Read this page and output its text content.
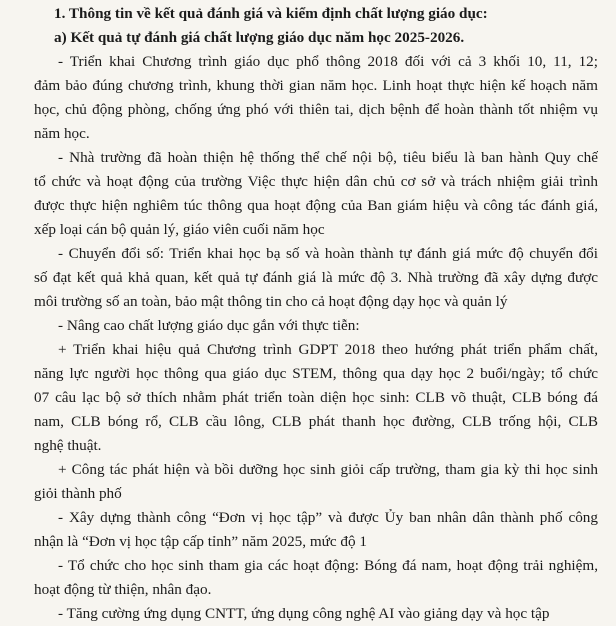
1. Thông tin về kết quả đánh giá và kiểm định chất lượng giáo dục:
a) Kết quả tự đánh giá chất lượng giáo dục năm học 2025-2026.
- Triển khai Chương trình giáo dục phổ thông 2018 đối với cả 3 khối 10, 11, 12;
đảm bảo đúng chương trình, khung thời gian năm học. Linh hoạt thực hiện kế hoạch năm
học, chủ động phòng, chống ứng phó với thiên tai, dịch bệnh để hoàn thành tốt nhiệm vụ
năm học.
- Nhà trường đã hoàn thiện hệ thống thể chế nội bộ, tiêu biểu là ban hành Quy chế
tổ chức và hoạt động của trường Việc thực hiện dân chủ cơ sở và trách nhiệm giải trình
được thực hiện nghiêm túc thông qua hoạt động của Ban giám hiệu và công tác đánh giá,
xếp loại cán bộ quản lý, giáo viên cuối năm học
- Chuyển đổi số: Triển khai học bạ số và hoàn thành tự đánh giá mức độ chuyển đổi
số đạt kết quả khả quan, kết quả tự đánh giá là mức độ 3. Nhà trường đã xây dựng được
môi trường số an toàn, bảo mật thông tin cho cả hoạt động dạy học và quản lý
- Nâng cao chất lượng giáo dục gắn với thực tiễn:
+ Triển khai hiệu quả Chương trình GDPT 2018 theo hướng phát triển phẩm chất,
năng lực người học thông qua giáo dục STEM, thông qua dạy học 2 buổi/ngày; tổ chức
07 câu lạc bộ sở thích nhằm phát triển toàn diện học sinh: CLB võ thuật, CLB bóng đá
nam, CLB bóng rổ, CLB cầu lông, CLB phát thanh học đường, CLB trống hội, CLB
nghệ thuật.
+ Công tác phát hiện và bồi dưỡng học sinh giỏi cấp trường, tham gia kỳ thi học sinh
giỏi thành phố
- Xây dựng thành công “Đơn vị học tập” và được Ủy ban nhân dân thành phố công
nhận là “Đơn vị học tập cấp tỉnh” năm 2025, mức độ 1
- Tổ chức cho học sinh tham gia các hoạt động: Bóng đá nam, hoạt động trải nghiệm,
hoạt động từ thiện, nhân đạo.
- Tăng cường ứng dụng CNTT, ứng dụng công nghệ AI vào giảng dạy và học tập
